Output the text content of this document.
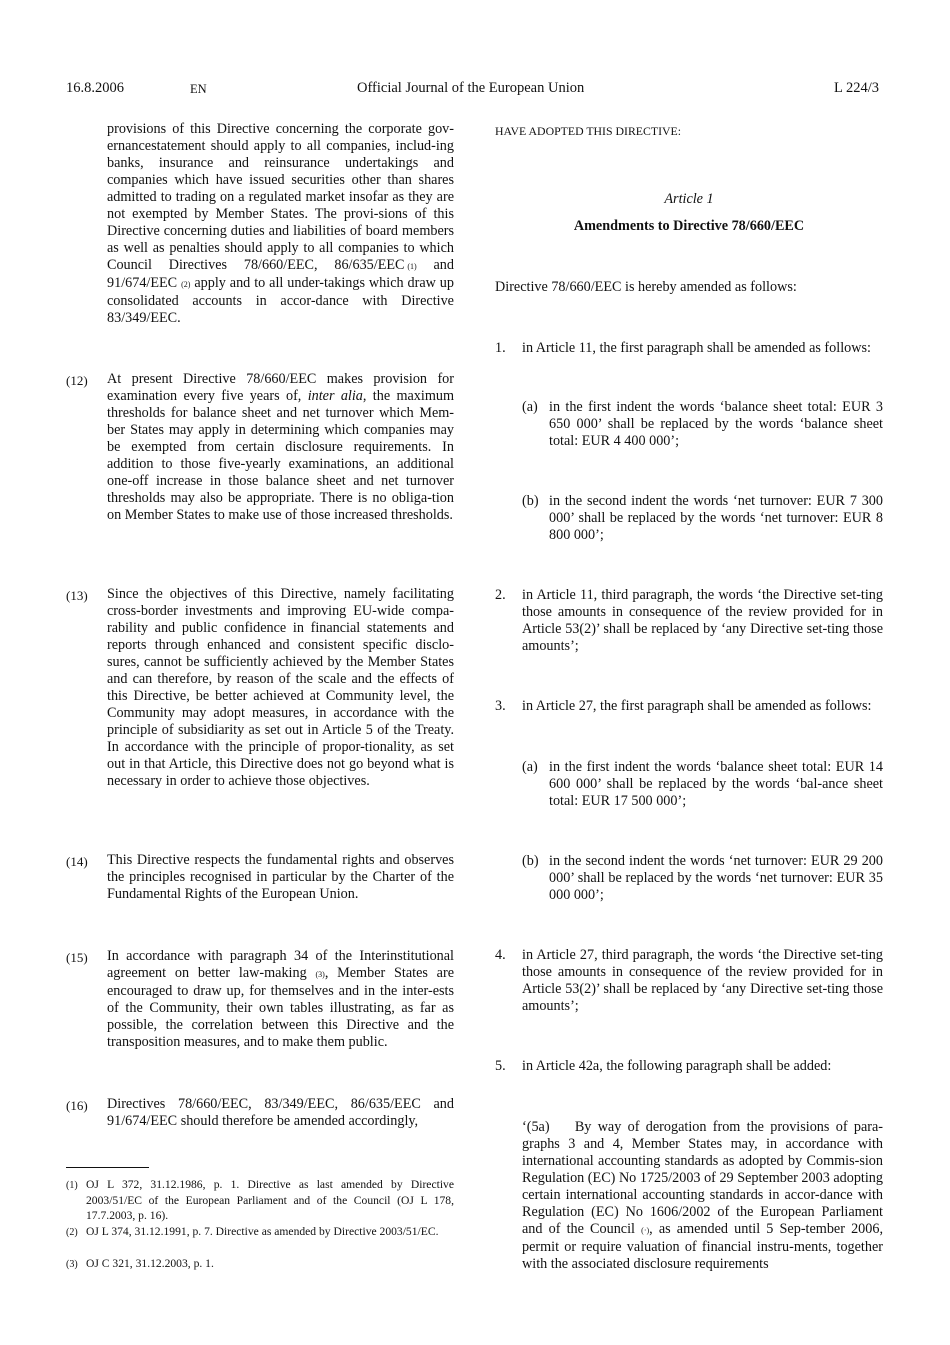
16.8.2006	EN	Official Journal of the European Union	L 224/3
provisions of this Directive concerning the corporate gov-ernancestatement should apply to all companies, includ-ing banks, insurance and reinsurance undertakings and companies which have issued securities other than shares admitted to trading on a regulated market insofar as they are not exempted by Member States. The provi-sions of this Directive concerning duties and liabilities of board members as well as penalties should apply to all companies to which Council Directives 78/660/EEC, 86/635/EEC  (1) and 91/674/EEC (2) apply and to all under-takings which draw up consolidated accounts in accor-dance with Directive 83/349/EEC.
(12) At present Directive 78/660/EEC makes provision for examination every five years of, inter alia, the maximum thresholds for balance sheet and net turnover which Mem-ber States may apply in determining which companies may be exempted from certain disclosure requirements. In addition to those five-yearly examinations, an additional one-off increase in those balance sheet and net turnover thresholds may also be appropriate. There is no obliga-tion on Member States to make use of those increased thresholds.
(13) Since the objectives of this Directive, namely facilitating cross-border investments and improving EU-wide compa-rability and public confidence in financial statements and reports through enhanced and consistent specific disclo-sures, cannot be sufficiently achieved by the Member States and can therefore, by reason of the scale and the effects of this Directive, be better achieved at Community level, the Community may adopt measures, in accordance with the principle of subsidiarity as set out in Article 5 of the Treaty. In accordance with the principle of propor-tionality, as set out in that Article, this Directive does not go beyond what is necessary in order to achieve those objectives.
(14) This Directive respects the fundamental rights and observes the principles recognised in particular by the Charter of the Fundamental Rights of the European Union.
(15) In accordance with paragraph 34 of the Interinstitutional agreement on better law-making (3), Member States are encouraged to draw up, for themselves and in the inter-ests of the Community, their own tables illustrating, as far as possible, the correlation between this Directive and the transposition measures, and to make them public.
(16) Directives 78/660/EEC, 83/349/EEC, 86/635/EEC and 91/674/EEC should therefore be amended accordingly,
(1) OJ L 372, 31.12.1986, p. 1. Directive as last amended by Directive 2003/51/EC of the European Parliament and of the Council (OJ L 178, 17.7.2003, p. 16).
(2) OJ L 374, 31.12.1991, p. 7. Directive as amended by Directive 2003/51/EC.
(3) OJ C 321, 31.12.2003, p. 1.
HAVE ADOPTED THIS DIRECTIVE:
Article 1
Amendments to Directive 78/660/EEC
Directive 78/660/EEC is hereby amended as follows:
1. in Article 11, the first paragraph shall be amended as follows:
(a) in the first indent the words ‘balance sheet total: EUR 3 650 000’ shall be replaced by the words ‘balance sheet total: EUR 4 400 000’;
(b) in the second indent the words ‘net turnover: EUR 7 300 000’ shall be replaced by the words ‘net turnover: EUR 8 800 000’;
2. in Article 11, third paragraph, the words ‘the Directive set-ting those amounts in consequence of the review provided for in Article 53(2)’ shall be replaced by ‘any Directive set-ting those amounts’;
3. in Article 27, the first paragraph shall be amended as follows:
(a) in the first indent the words ‘balance sheet total: EUR 14 600 000’ shall be replaced by the words ‘bal-ance sheet total: EUR 17 500 000’;
(b) in the second indent the words ‘net turnover: EUR 29 200 000’ shall be replaced by the words ‘net turnover: EUR 35 000 000’;
4. in Article 27, third paragraph, the words ‘the Directive set-ting those amounts in consequence of the review provided for in Article 53(2)’ shall be replaced by ‘any Directive set-ting those amounts’;
5. in Article 42a, the following paragraph shall be added:
‘(5a)    By way of derogation from the provisions of para-graphs 3 and 4, Member States may, in accordance with international accounting standards as adopted by Commis-sion Regulation (EC) No 1725/2003 of 29 September 2003 adopting certain international accounting standards in accor-dance with Regulation (EC) No 1606/2002 of the European Parliament and of the Council (·), as amended until 5 Sep-tember 2006, permit or require valuation of financial instru-ments, together with the associated disclosure requirements
